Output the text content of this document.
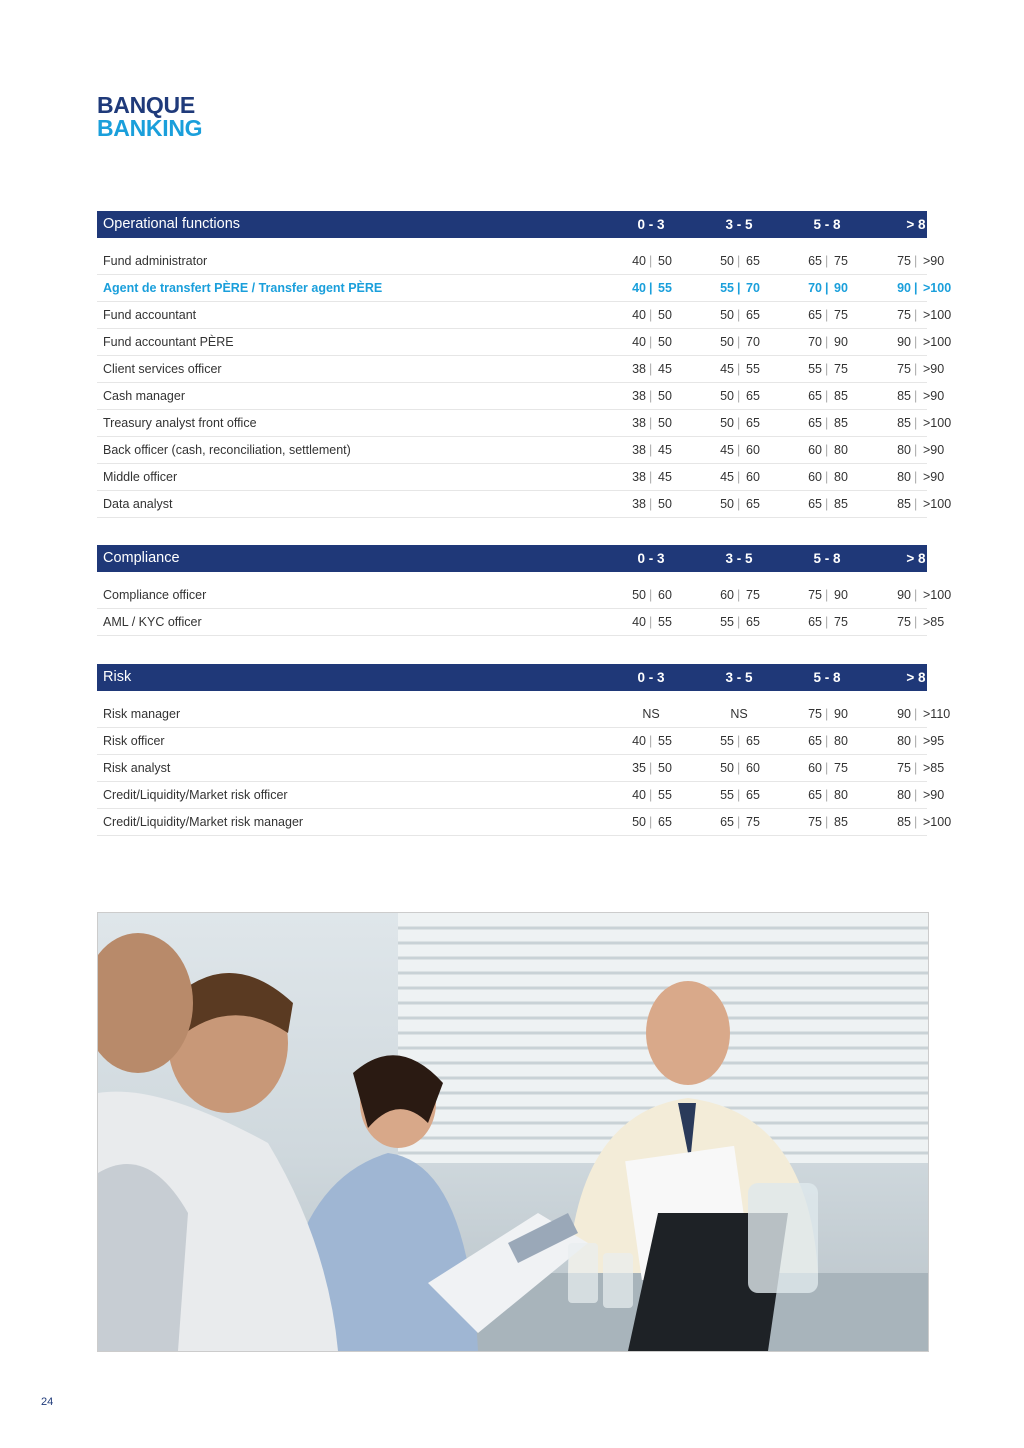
BANQUE
BANKING
Operational functions	0 - 3	3 - 5	5 - 8	> 8
Fund administrator	40 | 50	50 | 65	65 | 75	75 | >90
Agent de transfert PÈRE / Transfer agent PÈRE	40 | 55	55 | 70	70 | 90	90 | >100
Fund accountant	40 | 50	50 | 65	65 | 75	75 | >100
Fund accountant PÈRE	40 | 50	50 | 70	70 | 90	90 | >100
Client services officer	38 | 45	45 | 55	55 | 75	75 | >90
Cash manager	38 | 50	50 | 65	65 | 85	85 | >90
Treasury analyst front office	38 | 50	50 | 65	65 | 85	85 | >100
Back officer (cash, reconciliation, settlement)	38 | 45	45 | 60	60 | 80	80 | >90
Middle officer	38 | 45	45 | 60	60 | 80	80 | >90
Data analyst	38 | 50	50 | 65	65 | 85	85 | >100
Compliance	0 - 3	3 - 5	5 - 8	> 8
Compliance officer	50 | 60	60 | 75	75 | 90	90 | >100
AML / KYC officer	40 | 55	55 | 65	65 | 75	75 | >85
Risk	0 - 3	3 - 5	5 - 8	> 8
Risk manager	NS	NS	75 | 90	90 | >110
Risk officer	40 | 55	55 | 65	65 | 80	80 | >95
Risk analyst	35 | 50	50 | 60	60 | 75	75 | >85
Credit/Liquidity/Market risk officer	40 | 55	55 | 65	65 | 80	80 | >90
Credit/Liquidity/Market risk manager	50 | 65	65 | 75	75 | 85	85 | >100
24
